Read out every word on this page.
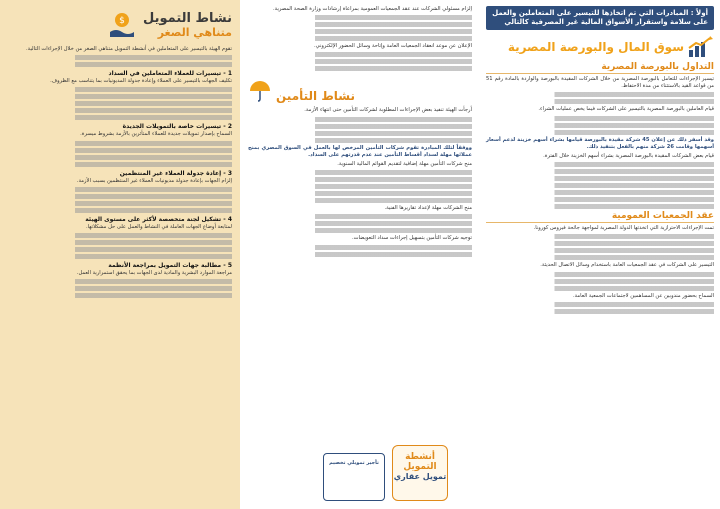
أولاً : المبادرات التي تم اتخاذها للتيسير على المتعاملين والعمل على سلامة واستقرار الأسواق المالية غير المصرفية كالتالي
سوق المال والبورصة المصرية
التداول بالبورصة المصرية

تيسير الإجراءات للتعامل بالبورصة المصرية من خلال الشركات المقيدة بالبورصة والواردة بالمادة رقم 51 من قواعد القيد بالاستثناء من مدة الاحتفاظ.

قيام العاملين بالبورصة المصرية بالتيسير على الشركات فيما يخص عمليات الشراء.

وقد أسفر ذلك عن إعلان 45 شركة مقيدة بالبورصة قيامها بشراء أسهم خزينة لدعم أسعار أسهمها وقامت 26 شركة منهم بالفعل بتنفيذ ذلك.

قيام بعض الشركات المقيدة بالبورصة المصرية بشراء أسهم الخزينة خلال الفترة.

عقد الجمعيات العمومية

تمت الإجراءات الاحترازية التي اتخذتها الدولة المصرية لمواجهة جائحة فيروس كورونا.

التيسير على الشركات في عقد الجمعيات العامة باستخدام وسائل الاتصال الحديثة.

السماح بحضور مندوبين عن المساهمين لاجتماعات الجمعية العامة.

إلزام مسئولي الشركات عند عقد الجمعيات العمومية بمراعاة إرشادات وزارة الصحة المصرية.

الإعلان عن موعد انعقاد الجمعيات العامة وإتاحة وسائل الحضور الإلكتروني.

نشاط التأمين

أرجأت الهيئة تنفيذ بعض الإجراءات المطلوبة لشركات التأمين حتى انتهاء الأزمة.

ووفقاً لتلك المبادرة تقوم شركات التأمين المرخص لها بالعمل في السوق المصري بمنح عملائها مهلة لسداد أقساط التأمين عند عدم قدرتهم على السداد.

منح شركات التأمين مهلة إضافية لتقديم القوائم المالية السنوية.

منح الشركات مهلة لإعداد تقاريرها الفنية.

توجيه شركات التأمين بتسهيل إجراءات سداد التعويضات.

أنشطة التمويل
تمويل عقاري
تأجير تمويلي تخصيم
نشاط التمويل
متناهي الصغر
$

تقوم الهيئة بالتيسير على المتعاملين في أنشطة التمويل متناهي الصغر من خلال الإجراءات التالية.

1 - تيسيرات للعملاء المتعاملين في السداد

تكليف الجهات بالتيسير على العملاء وإعادة جدولة المديونيات بما يتناسب مع الظروف.

2 - تيسيرات خاصة بالتمويلات الجديدة

السماح بإصدار تمويلات جديدة للعملاء المتأثرين بالأزمة بشروط ميسرة.

3 - إعادة جدولة العملاء غير المنتظمين

إلزام الجهات بإعادة جدولة مديونيات العملاء غير المنتظمين بسبب الأزمة.

4 - تشكيل لجنة متخصصة لأكثر على مستوى الهيئة

لمتابعة أوضاع الجهات العاملة في النشاط والعمل على حل مشكلاتها.

5 - مطالبة جهات التمويل بمراجعة الأنظمة

مراجعة الموارد البشرية والمادية لدى الجهات بما يحقق استمرارية العمل.
